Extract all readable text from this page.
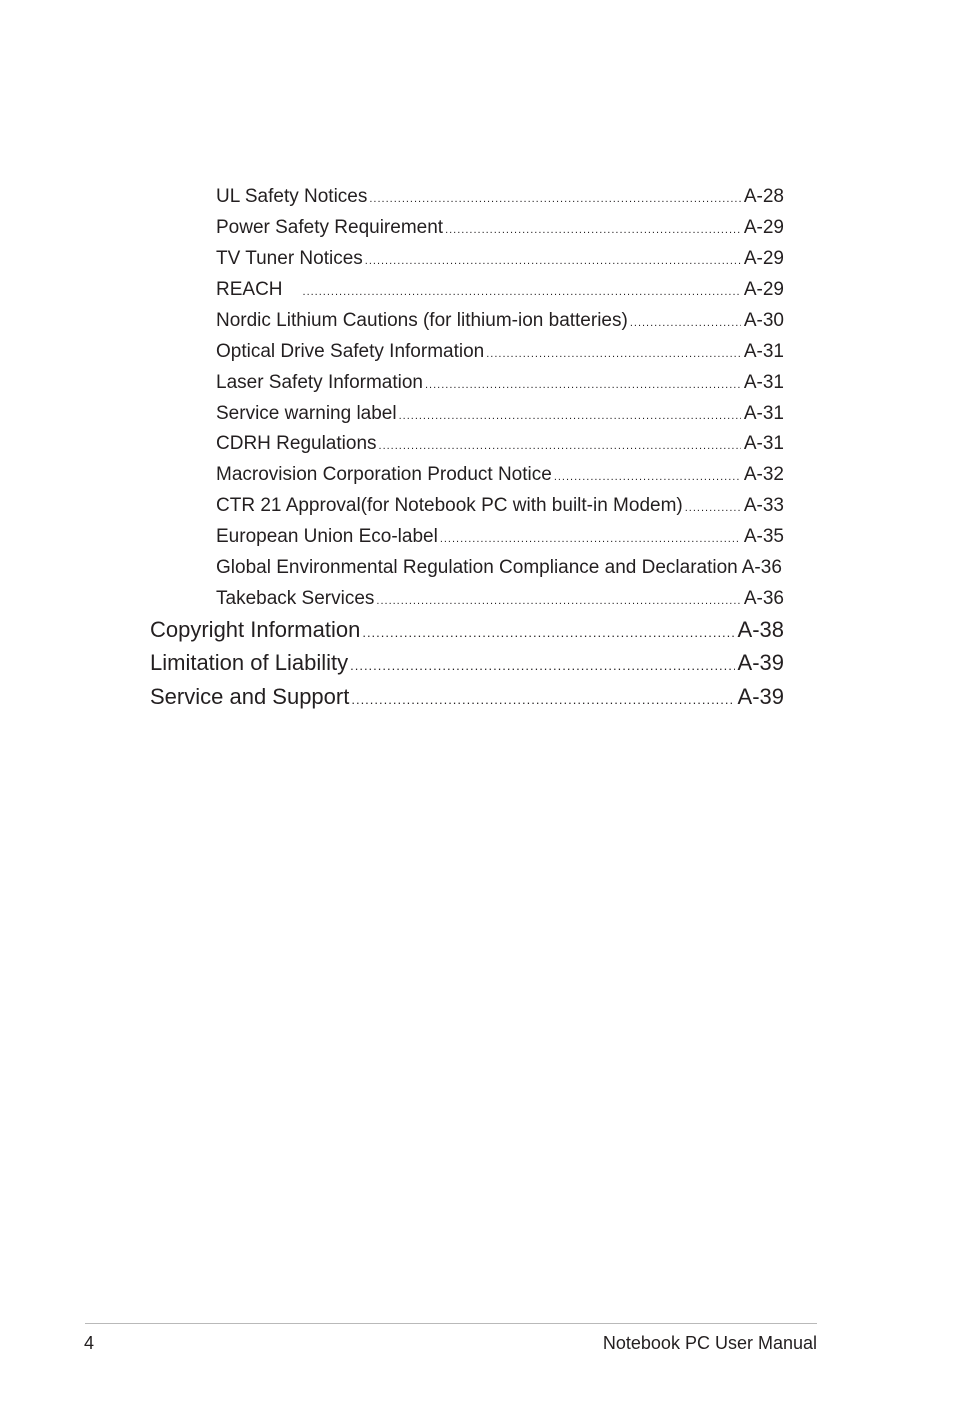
UL Safety Notices .....	A-28
Power Safety Requirement .....	A-29
TV Tuner Notices .....	A-29
REACH .....	A-29
Nordic Lithium Cautions (for lithium-ion batteries) .....	A-30
Optical Drive Safety Information .....	A-31
Laser Safety Information .....	A-31
Service warning label .....	A-31
CDRH Regulations .....	A-31
Macrovision Corporation Product Notice .....	A-32
CTR 21 Approval(for Notebook PC with built-in Modem) .....	A-33
European Union Eco-label .....	A-35
Global Environmental Regulation Compliance and Declaration A-36
Takeback Services .....	A-36
Copyright Information .....	A-38
Limitation of Liability .....	A-39
Service and Support .....	A-39
4	Notebook PC User Manual
